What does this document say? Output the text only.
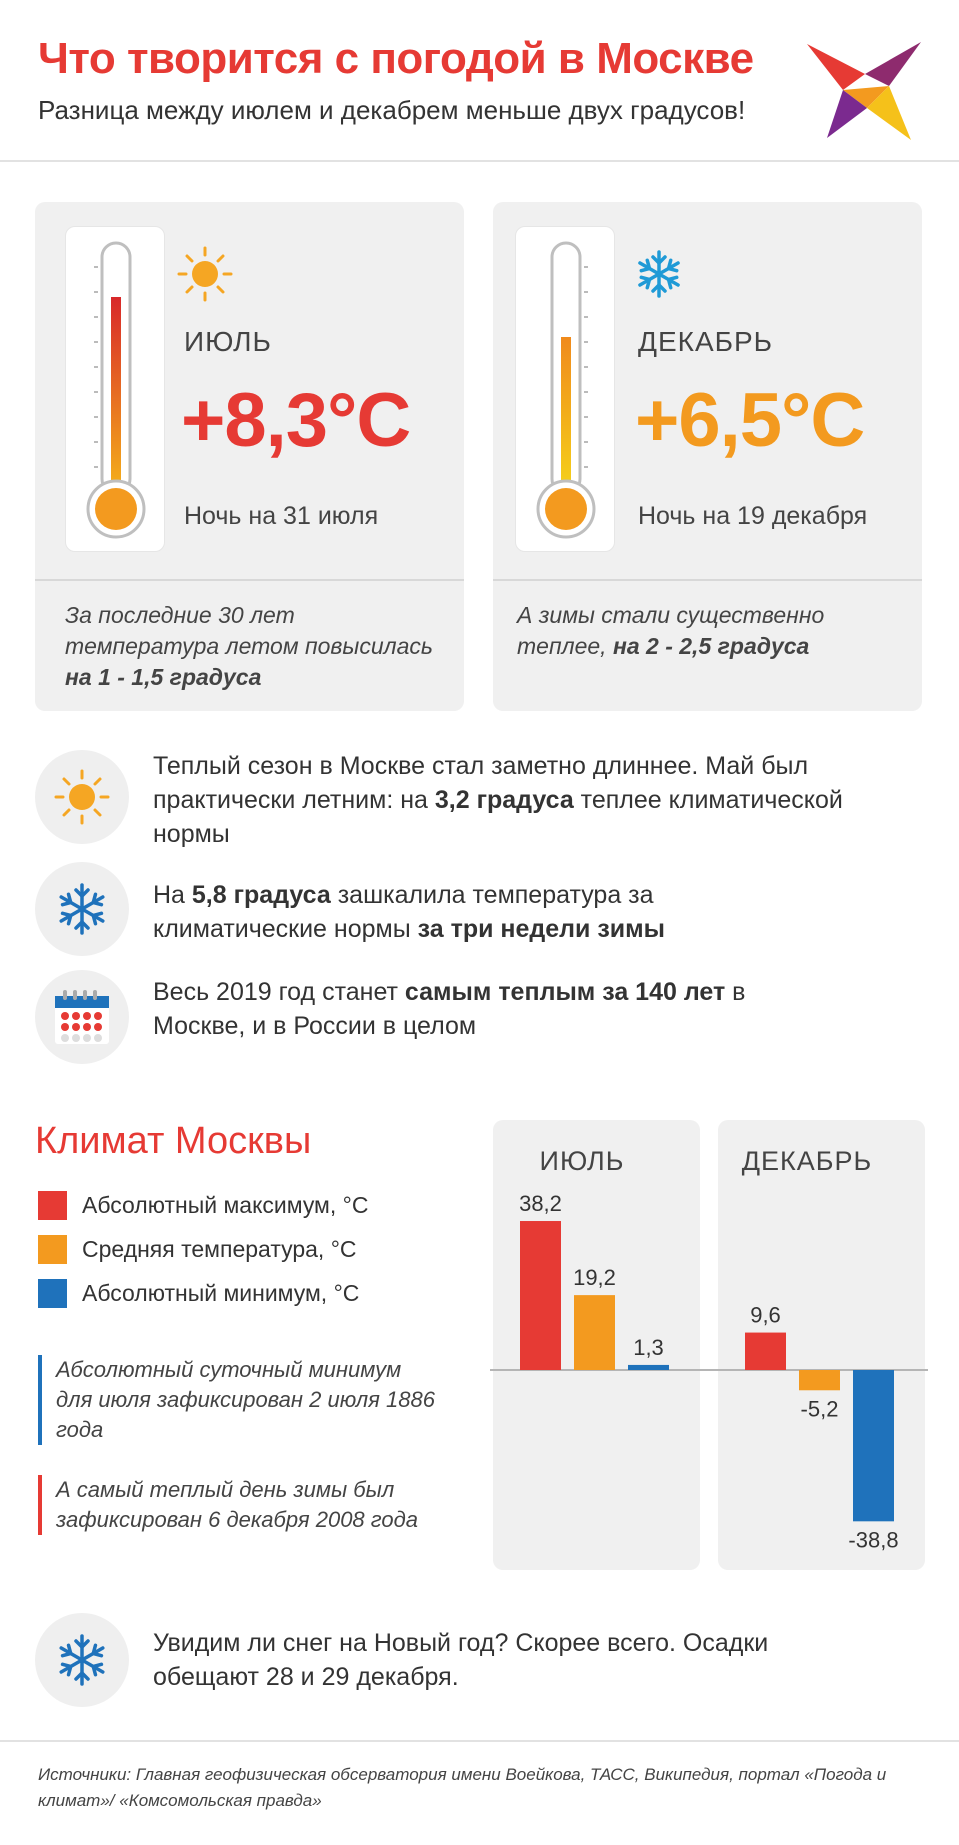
Что творится с погодой в Москве
Разница между июлем и декабрем меньше двух градусов!
ИЮЛЬ
+8,3°C
Ночь на 31 июля
За последние 30 лет температура летом повысилась на 1 - 1,5 градуса
ДЕКАБРЬ
+6,5°C
Ночь на 19 декабря
А зимы стали существенно теплее, на 2 - 2,5 градуса
Теплый сезон в Москве стал заметно длиннее. Май был практически летним: на 3,2 градуса теплее климатической нормы
На 5,8 градуса зашкалила температура за климатические нормы за три недели зимы
Весь 2019 год станет самым теплым за 140 лет в Москве, и в России в целом
Климат Москвы
Абсолютный максимум, °C
Средняя температура, °C
Абсолютный минимум, °C
Абсолютный суточный минимум для июля зафиксирован 2 июля 1886 года
А самый теплый день зимы был зафиксирован 6 декабря 2008 года
ИЮЛЬ	ДЕКАБРЬ
38,2
9,6
19,2
-5,2
1,3
-38,8
Увидим ли снег на Новый год? Скорее всего. Осадки обещают 28 и 29 декабря.
Источники: Главная геофизическая обсерватория имени Воейкова, ТАСС, Википедия, портал «Погода и климат»/ «Комсомольская правда»
